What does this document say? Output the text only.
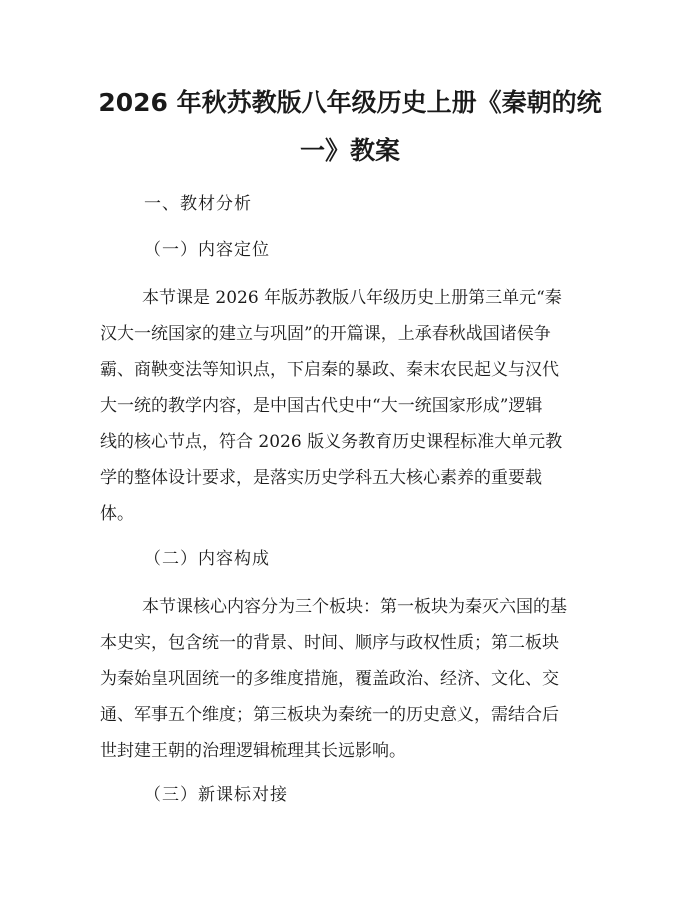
2026 年秋苏教版八年级历史上册《秦朝的统
一》教案

一、教材分析

（一）内容定位

本节课是 2026 年版苏教版八年级历史上册第三单元“秦
汉大一统国家的建立与巩固”的开篇课，上承春秋战国诸侯争
霸、商鞅变法等知识点，下启秦的暴政、秦末农民起义与汉代
大一统的教学内容，是中国古代史中“大一统国家形成”逻辑
线的核心节点，符合 2026 版义务教育历史课程标准大单元教
学的整体设计要求，是落实历史学科五大核心素养的重要载
体。

（二）内容构成

本节课核心内容分为三个板块：第一板块为秦灭六国的基
本史实，包含统一的背景、时间、顺序与政权性质；第二板块
为秦始皇巩固统一的多维度措施，覆盖政治、经济、文化、交
通、军事五个维度；第三板块为秦统一的历史意义，需结合后
世封建王朝的治理逻辑梳理其长远影响。

（三）新课标对接
